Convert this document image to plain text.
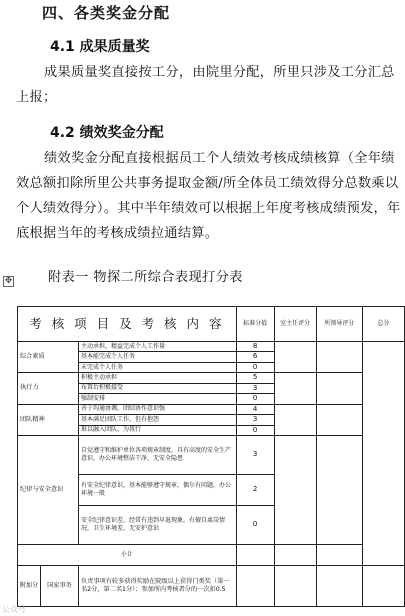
四、各类奖金分配
4.1 成果质量奖
成果质量奖直接按工分，由院里分配，所里只涉及工分汇总上报；
4.2 绩效奖金分配
绩效奖金分配直接根据员工个人绩效考核成绩核算（全年绩效总额扣除所里公共事务提取金额/所全体员工绩效得分总数乘以个人绩效得分）。其中半年绩效可以根据上年度考核成绩预发，年底根据当年的考核成绩拉通结算。
附表一 物探二所综合表现打分表
✥
考 核 项 目 及 考 核 内 容		标准分值	室主任评分	所领导评分	总分
综合素质	主动承担，精益完成个人工作量	8			
	基本能完成个人任务	6			
	未完成个人任务	0			
执行力	积极主动承担	5			
	布置后积极接受	3			
	强制安排	0			
团队精神	善于沟通协调，团结协作意识强	4			
	基本满足团队工作，但有抱怨	3			
	难以融入团队，为我行	0			
纪律与安全意识	自觉遵守和维护单位各项规章制度，具有高度的安全生产意识，办公环境整洁干净，无安全隐患	3			
	有安全纪律意识，基本能够遵守规章，偶尔有问题，办公环境一般	2			
	安全纪律意识差，经常有违到早退现象，有擅自离岗情况，卫生环境差，无安护意识	0			
小计					

附加分 国家事务	负责事项有较多获得奖励在院级以上获得门类奖（第一名2分，第二名1分）；参加所内考核者分的一次扣0.5				
公众号
